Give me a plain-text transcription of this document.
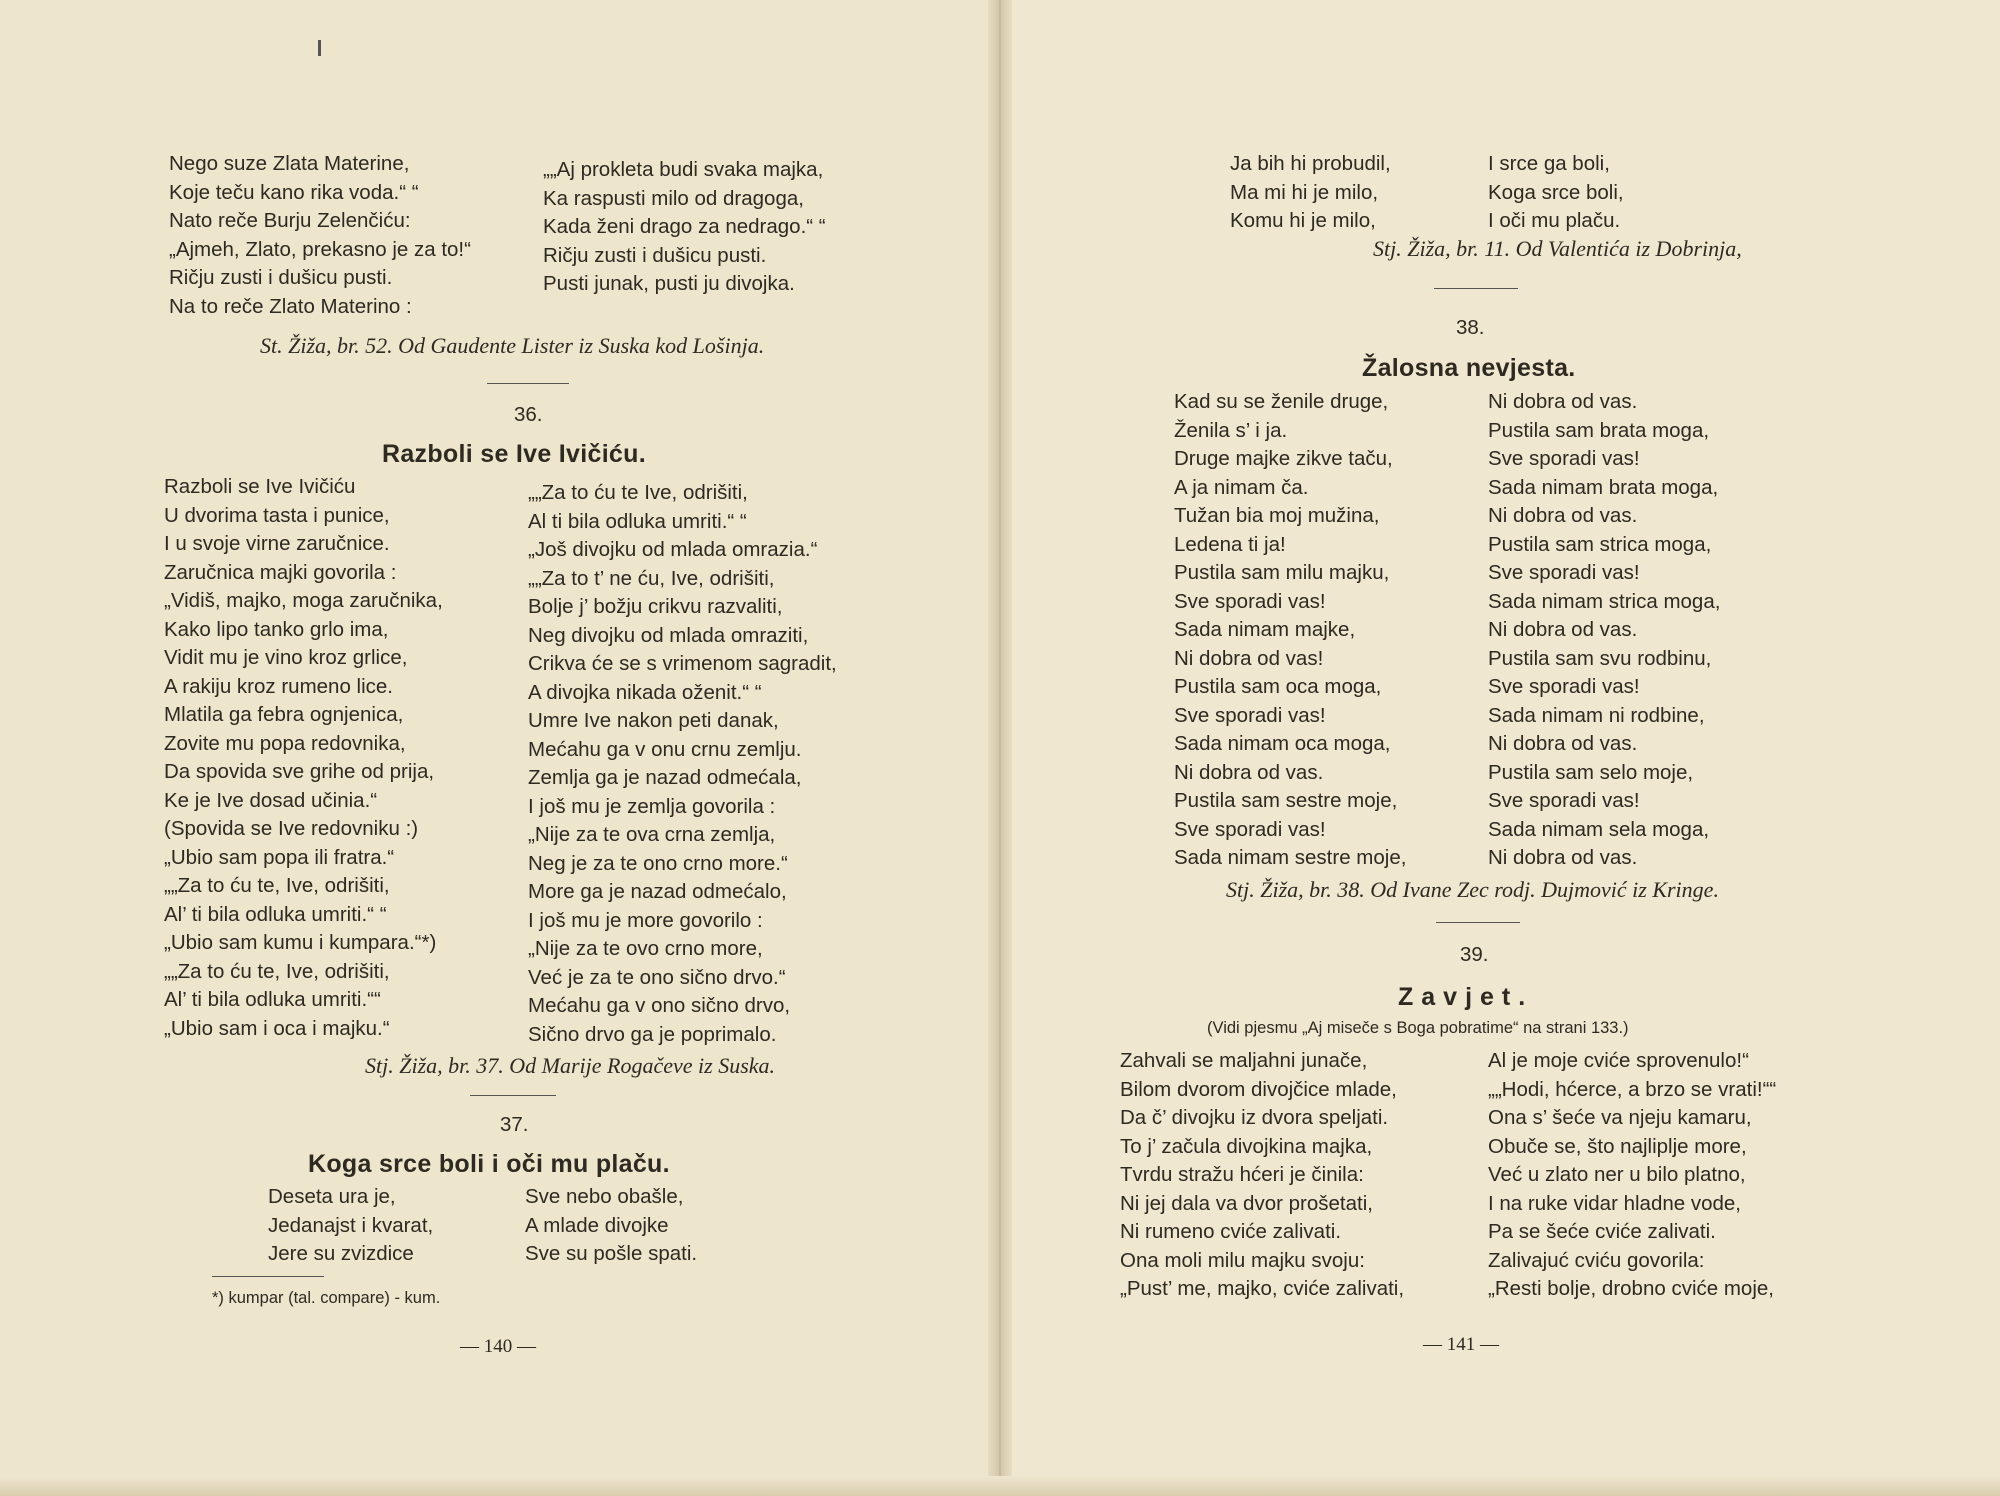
Nego suze Zlata Materine,
Koje teču kano rika voda.“ “
Nato reče Burju Zelenčiću:
„Ajmeh, Zlato, prekasno je za to!“
Ričju zusti i dušicu pusti.
Na to reče Zlato Materino :
„„Aj prokleta budi svaka majka,
Ka raspusti milo od dragoga,
Kada ženi drago za nedrago.“ “
Ričju zusti i dušicu pusti.
Pusti junak, pusti ju divojka.
St. Žiža, br. 52. Od Gaudente Lister iz Suska kod Lošinja.
36.
Razboli se Ive Ivičiću.
Razboli se Ive Ivičiću
U dvorima tasta i punice,
I u svoje virne zaručnice.
Zaručnica majki govorila :
„Vidiš, majko, moga zaručnika,
Kako lipo tanko grlo ima,
Vidit mu je vino kroz grlice,
A rakiju kroz rumeno lice.
Mlatila ga febra ognjenica,
Zovite mu popa redovnika,
Da spovida sve grihe od prija,
Ke je Ive dosad učinia.“
(Spovida se Ive redovniku :)
„Ubio sam popa ili fratra.“
„„Za to ću te, Ive, odrišiti,
Al’ ti bila odluka umriti.“ “
„Ubio sam kumu i kumpara.“*)
„„Za to ću te, Ive, odrišiti,
Al’ ti bila odluka umriti.““
„Ubio sam i oca i majku.“
„„Za to ću te Ive, odrišiti,
Al ti bila odluka umriti.“ “
„Još divojku od mlada omrazia.“
„„Za to t’ ne ću, Ive, odrišiti,
Bolje j’ božju crikvu razvaliti,
Neg divojku od mlada omraziti,
Crikva će se s vrimenom sagradit,
A divojka nikada oženit.“ “
Umre Ive nakon peti danak,
Mećahu ga v onu crnu zemlju.
Zemlja ga je nazad odmećala,
I još mu je zemlja govorila :
„Nije za te ova crna zemlja,
Neg je za te ono crno more.“
More ga je nazad odmećalo,
I još mu je more govorilo :
„Nije za te ovo crno more,
Već je za te ono sično drvo.“
Mećahu ga v ono sično drvo,
Sično drvo ga je poprimalo.
Stj. Žiža, br. 37. Od Marije Rogačeve iz Suska.
37.
Koga srce boli i oči mu plaču.
Deseta ura je,
Jedanajst i kvarat,
Jere su zvizdice
Sve nebo obašle,
A mlade divojke
Sve su pošle spati.
*) kumpar (tal. compare) - kum.
— 140 —
Ja bih hi probudil,
Ma mi hi je milo,
Komu hi je milo,
I srce ga boli,
Koga srce boli,
I oči mu plaču.
Stj. Žiža, br. 11. Od Valentića iz Dobrinja,
38.
Žalosna nevjesta.
Kad su se ženile druge,
Ženila s’ i ja.
Druge majke zikve taču,
A ja nimam ča.
Tužan bia moj mužina,
Ledena ti ja!
Pustila sam milu majku,
Sve sporadi vas!
Sada nimam majke,
Ni dobra od vas!
Pustila sam oca moga,
Sve sporadi vas!
Sada nimam oca moga,
Ni dobra od vas.
Pustila sam sestre moje,
Sve sporadi vas!
Sada nimam sestre moje,
Ni dobra od vas.
Pustila sam brata moga,
Sve sporadi vas!
Sada nimam brata moga,
Ni dobra od vas.
Pustila sam strica moga,
Sve sporadi vas!
Sada nimam strica moga,
Ni dobra od vas.
Pustila sam svu rodbinu,
Sve sporadi vas!
Sada nimam ni rodbine,
Ni dobra od vas.
Pustila sam selo moje,
Sve sporadi vas!
Sada nimam sela moga,
Ni dobra od vas.
Stj. Žiža, br. 38. Od Ivane Zec rodj. Dujmović iz Kringe.
39.
Zavjet.
(Vidi pjesmu „Aj miseče s Boga pobratime“ na strani 133.)
Zahvali se maljahni junače,
Bilom dvorom divojčice mlade,
Da č’ divojku iz dvora speljati.
To j’ začula divojkina majka,
Tvrdu stražu hćeri je činila:
Ni jej dala va dvor prošetati,
Ni rumeno cviće zalivati.
Ona moli milu majku svoju:
„Pust’ me, majko, cviće zalivati,
Al je moje cviće sprovenulo!“
„„Hodi, hćerce, a brzo se vrati!““
Ona s’ šeće va njeju kamaru,
Obuče se, što najliplje more,
Već u zlato ner u bilo platno,
I na ruke vidar hladne vode,
Pa se šeće cviće zalivati.
Zalivajuć cviću govorila:
„Resti bolje, drobno cviće moje,
— 141 —
